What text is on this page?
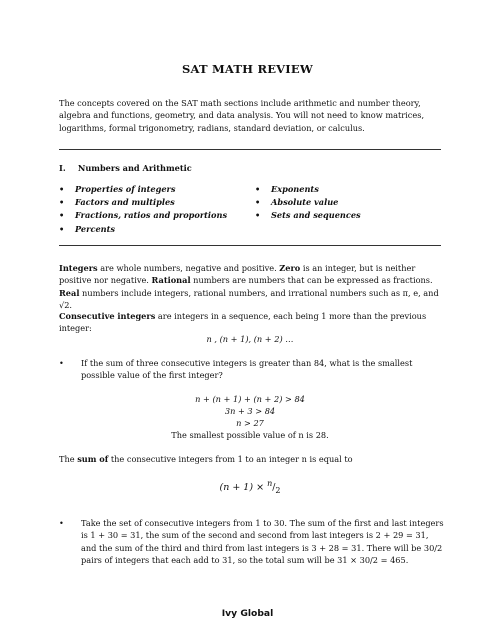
SAT MATH REVIEW
The concepts covered on the SAT math sections include arithmetic and number theory, algebra and functions, geometry, and data analysis. You will not need to know matrices, logarithms, formal trigonometry, radians, standard deviation, or calculus.
I. Numbers and Arithmetic
• Properties of integers
• Factors and multiples
• Fractions, ratios and proportions
• Percents
• Exponents
• Absolute value
• Sets and sequences
Integers are whole numbers, negative and positive. Zero is an integer, but is neither positive nor negative. Rational numbers are numbers that can be expressed as fractions. Real numbers include integers, rational numbers, and irrational numbers such as π, e, and √2.
Consecutive integers are integers in a sequence, each being 1 more than the previous integer:
n , (n + 1), (n + 2) …
• If the sum of three consecutive integers is greater than 84, what is the smallest possible value of the first integer?
n + (n + 1) + (n + 2) > 84
3n + 3 > 84
n > 27
The smallest possible value of n is 28.
The sum of the consecutive integers from 1 to an integer n is equal to
$(n + 1) \times ^n/_2$
• Take the set of consecutive integers from 1 to 30. The sum of the first and last integers is 1 + 30 = 31, the sum of the second and second from last integers is 2 + 29 = 31, and the sum of the third and third from last integers is 3 + 28 = 31. There will be 30/2 pairs of integers that each add to 31, so the total sum will be 31 × 30/2 = 465.
Ivy Global
